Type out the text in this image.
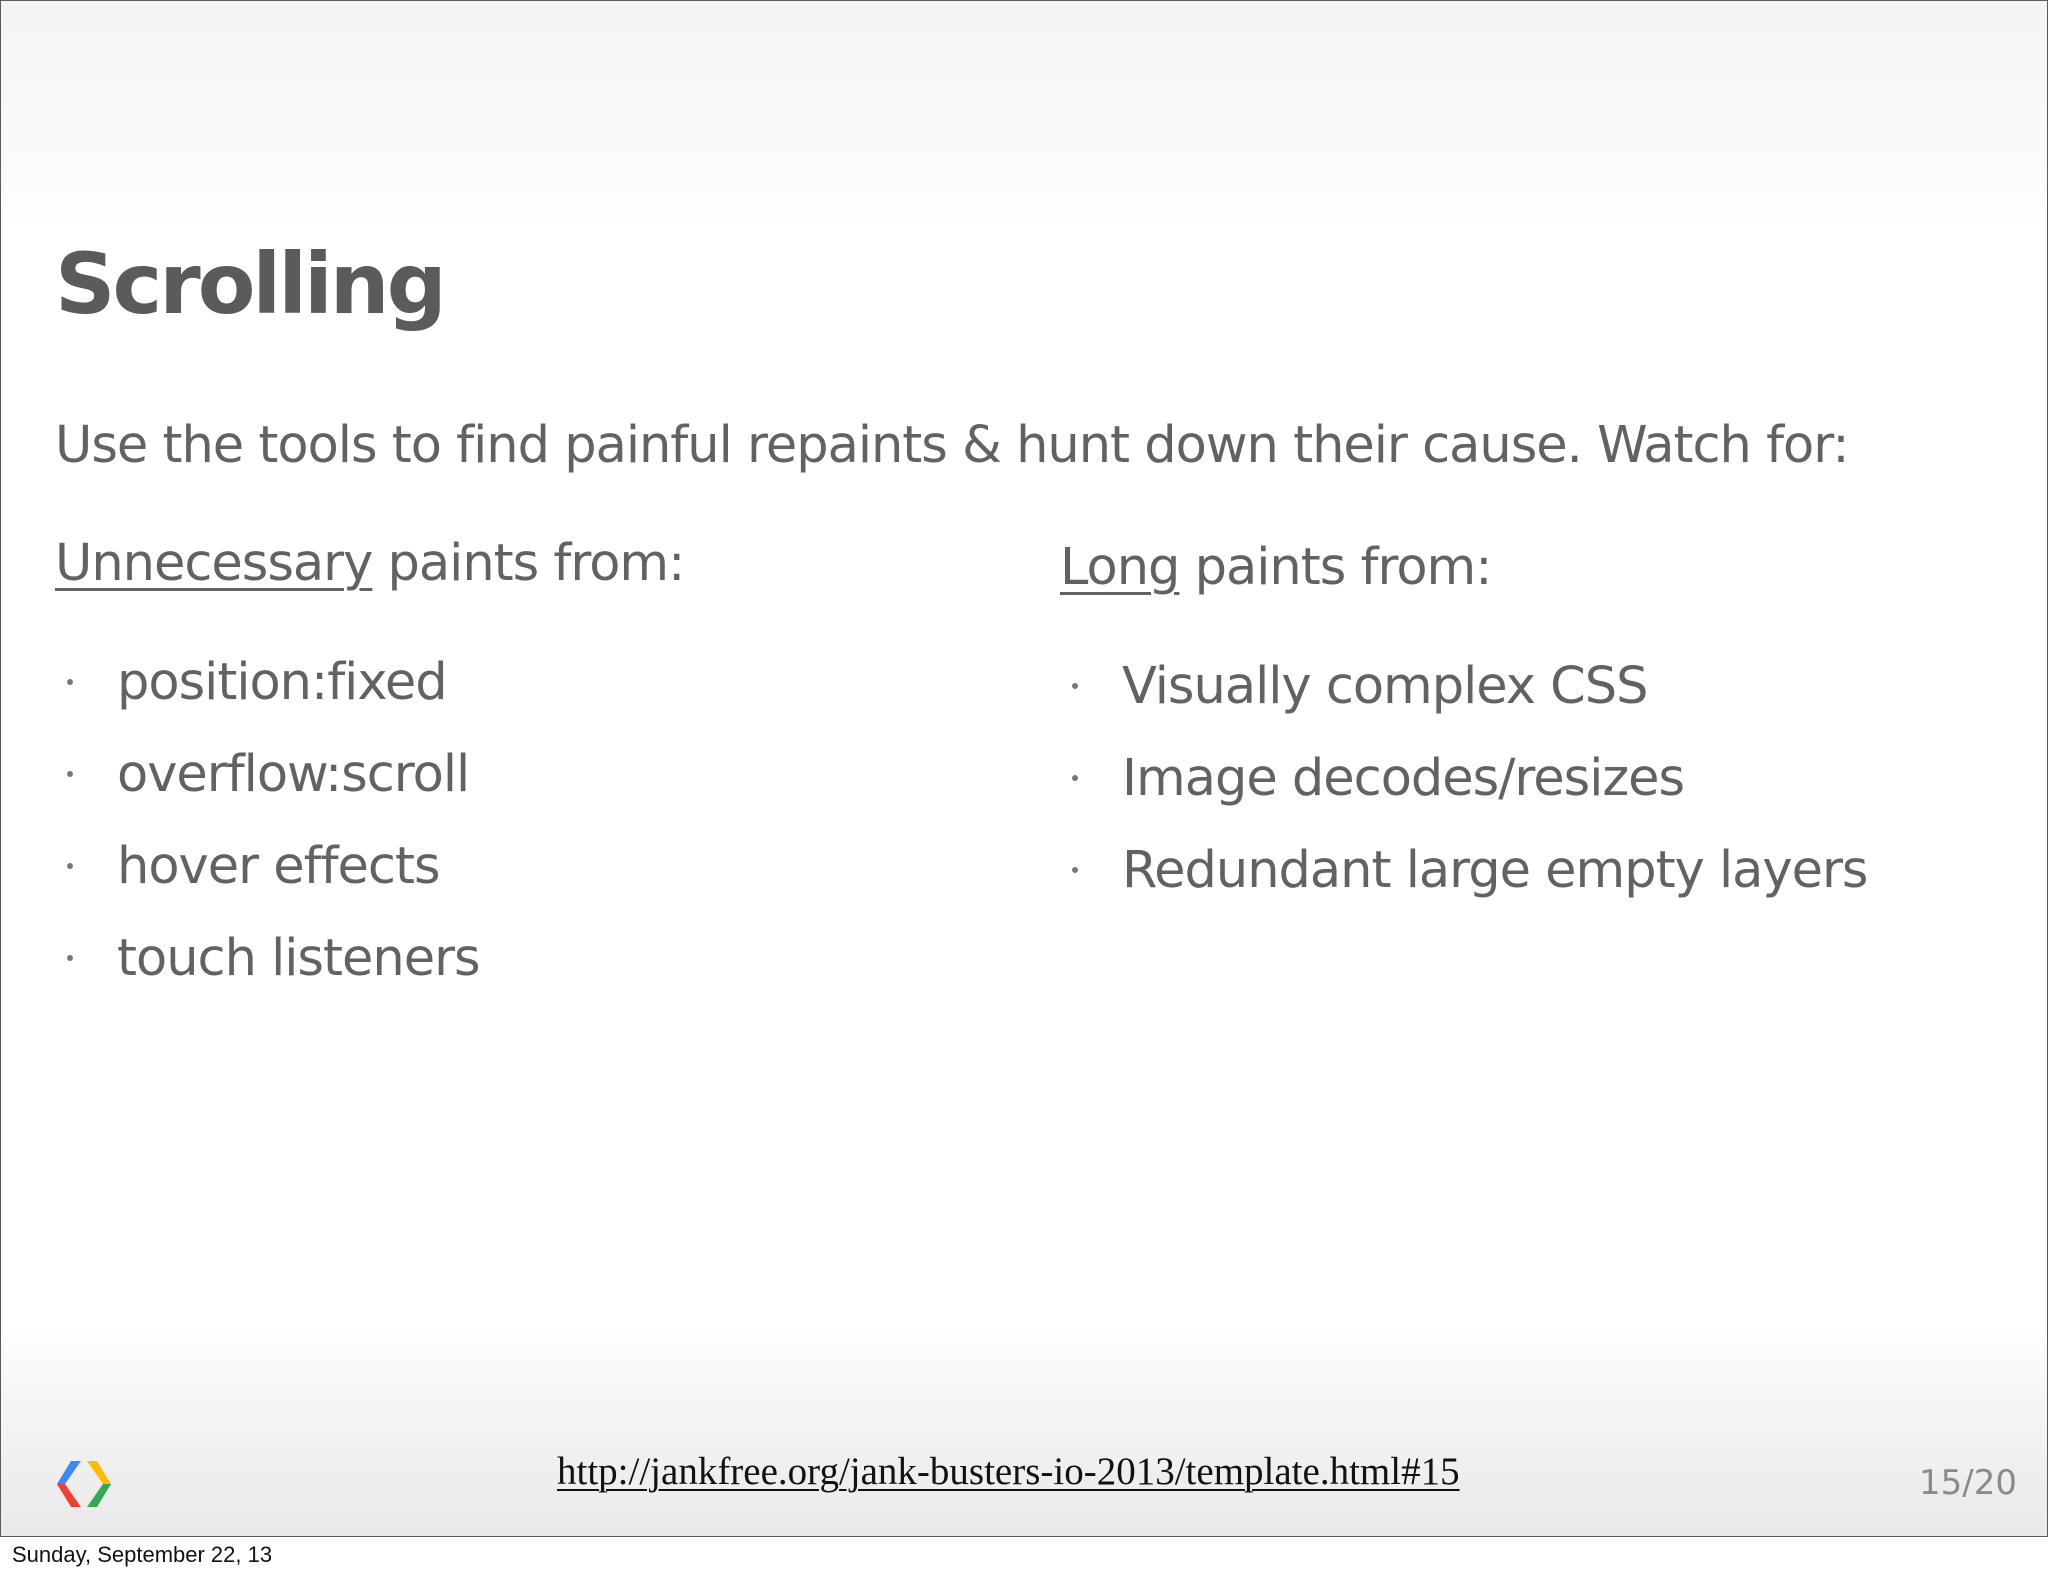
Scrolling
Use the tools to find painful repaints & hunt down their cause. Watch for:
Unnecessary paints from:
position:fixed
overflow:scroll
hover effects
touch listeners
Long paints from:
Visually complex CSS
Image decodes/resizes
Redundant large empty layers
http://jankfree.org/jank-busters-io-2013/template.html#15	15/20
Sunday, September 22, 13
